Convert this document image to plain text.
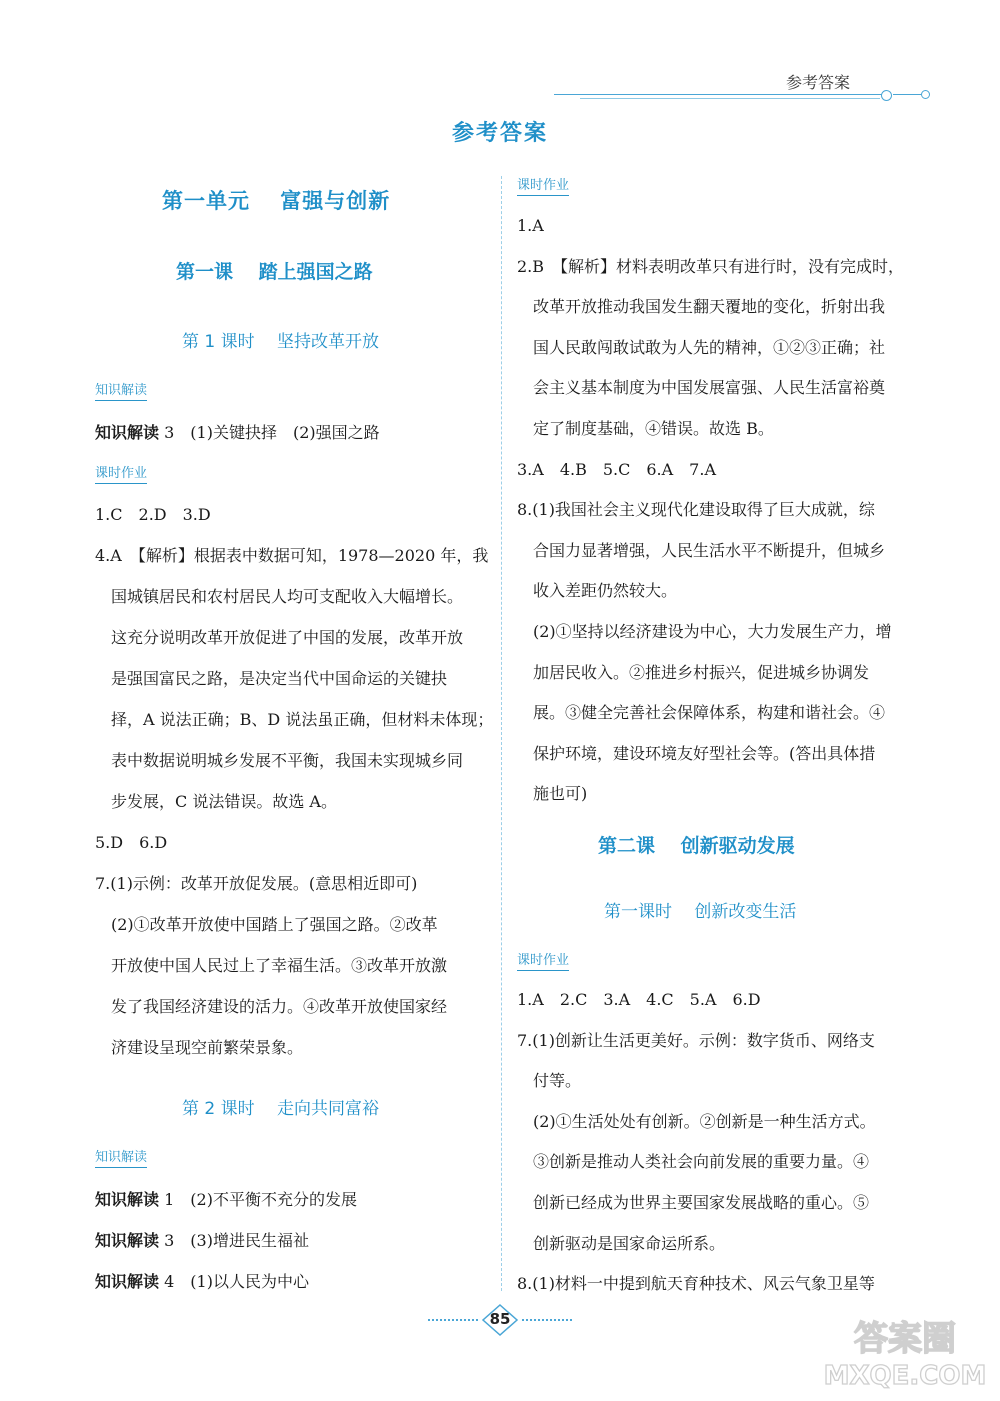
参考答案
参考答案
第一单元　 富强与创新
第一课　 踏上强国之路
第 1 课时　 坚持改革开放
知识解读
知识解读 3　(1)关键抉择　(2)强国之路
课时作业
1.C　2.D　3.D
4.A　【解析】根据表中数据可知，1978—2020 年，我
　国城镇居民和农村居民人均可支配收入大幅增长。
　这充分说明改革开放促进了中国的发展，改革开放
　是强国富民之路，是决定当代中国命运的关键抉
　择，A 说法正确；B、D 说法虽正确，但材料未体现；
　表中数据说明城乡发展不平衡，我国未实现城乡同
　步发展，C 说法错误。故选 A。
5.D　6.D
7.(1)示例：改革开放促发展。(意思相近即可)
　(2)①改革开放使中国踏上了强国之路。②改革
　开放使中国人民过上了幸福生活。③改革开放激
　发了我国经济建设的活力。④改革开放使国家经
　济建设呈现空前繁荣景象。
第 2 课时　 走向共同富裕
知识解读
知识解读 1　(2)不平衡不充分的发展
知识解读 3　(3)增进民生福祉
知识解读 4　(1)以人民为中心
课时作业
1.A
2.B　【解析】材料表明改革只有进行时，没有完成时，
　改革开放推动我国发生翻天覆地的变化，折射出我
　国人民敢闯敢试敢为人先的精神，①②③正确；社
　会主义基本制度为中国发展富强、人民生活富裕奠
　定了制度基础，④错误。故选 B。
3.A　4.B　5.C　6.A　7.A
8.(1)我国社会主义现代化建设取得了巨大成就，综
　合国力显著增强，人民生活水平不断提升，但城乡
　收入差距仍然较大。
　(2)①坚持以经济建设为中心，大力发展生产力，增
　加居民收入。②推进乡村振兴，促进城乡协调发
　展。③健全完善社会保障体系，构建和谐社会。④
　保护环境，建设环境友好型社会等。(答出具体措
　施也可)
第二课　 创新驱动发展
第一课时　 创新改变生活
课时作业
1.A　2.C　3.A　4.C　5.A　6.D
7.(1)创新让生活更美好。示例：数字货币、网络支
　付等。
　(2)①生活处处有创新。②创新是一种生活方式。
　③创新是推动人类社会向前发展的重要力量。④
　创新已经成为世界主要国家发展战略的重心。⑤
　创新驱动是国家命运所系。
8.(1)材料一中提到航天育种技术、风云气象卫星等
85	答案圈
MXQE.COM
